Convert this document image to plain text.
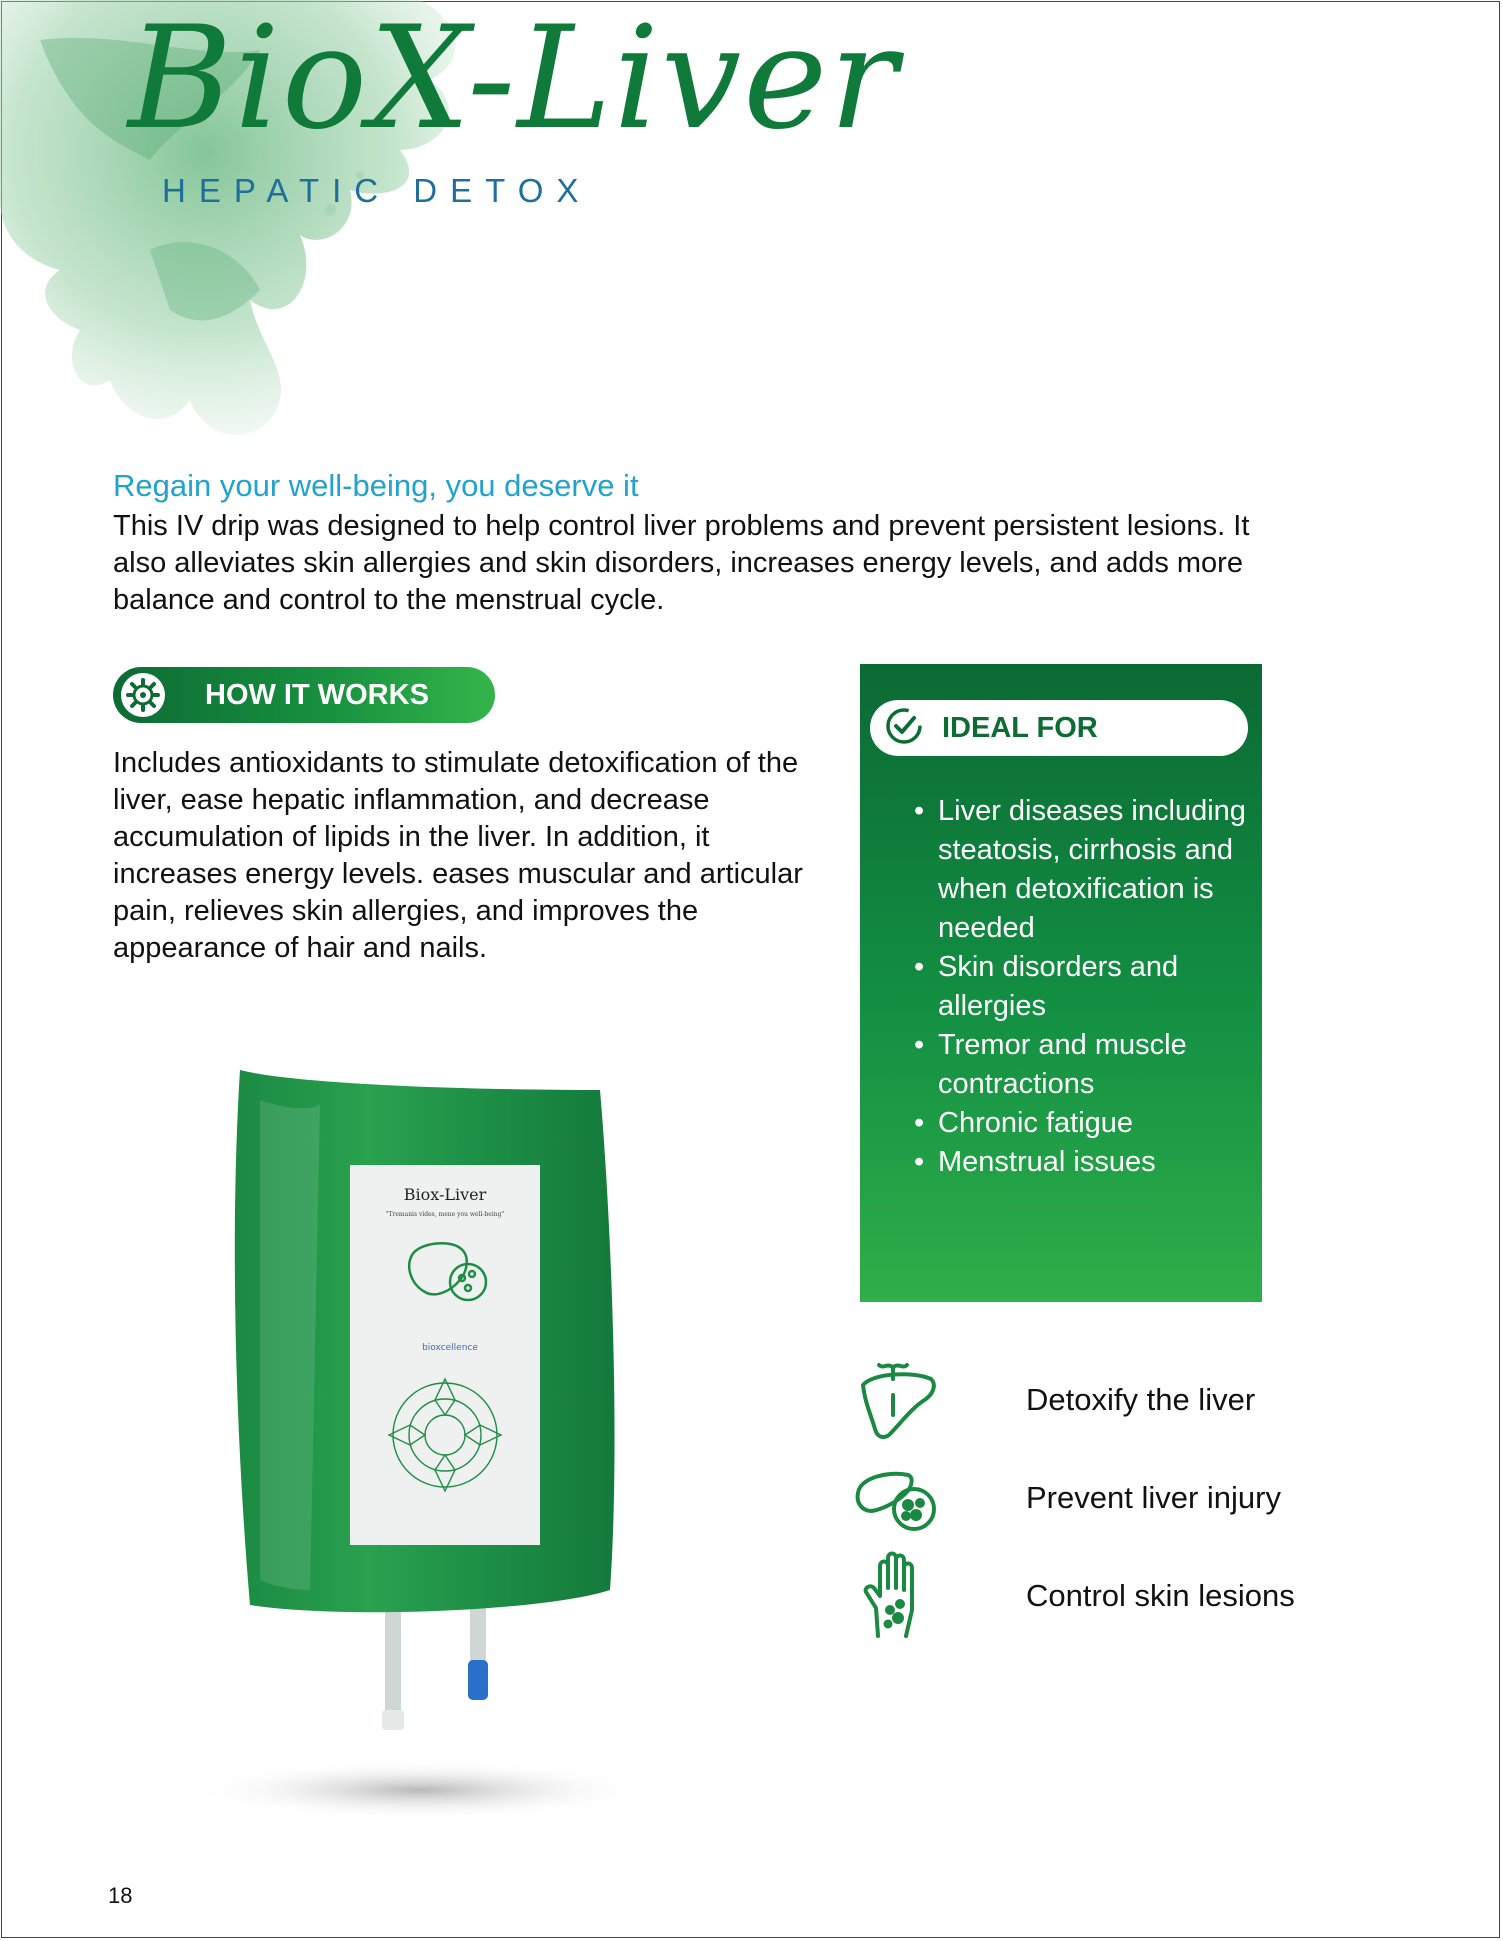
BioX-Liver
HEPATIC DETOX
Regain your well-being, you deserve it
This IV drip was designed to help control liver problems and prevent persistent lesions. It also alleviates skin allergies and skin disorders, increases energy levels, and adds more balance and control to the menstrual cycle.
HOW IT WORKS
Includes antioxidants to stimulate detoxification of the liver, ease hepatic inflammation, and decrease accumulation of lipids in the liver. In addition, it increases energy levels. eases muscular and articular pain, relieves skin allergies, and improves the appearance of hair and nails.
Biox-Liver
"Tremanis vides, mene you well-being"
bioxcellence
IDEAL FOR
• Liver diseases including steatosis, cirrhosis and when detoxification is needed
• Skin disorders and allergies
• Tremor and muscle contractions
• Chronic fatigue
• Menstrual issues
Detoxify the liver
Prevent liver injury
Control skin lesions
18
